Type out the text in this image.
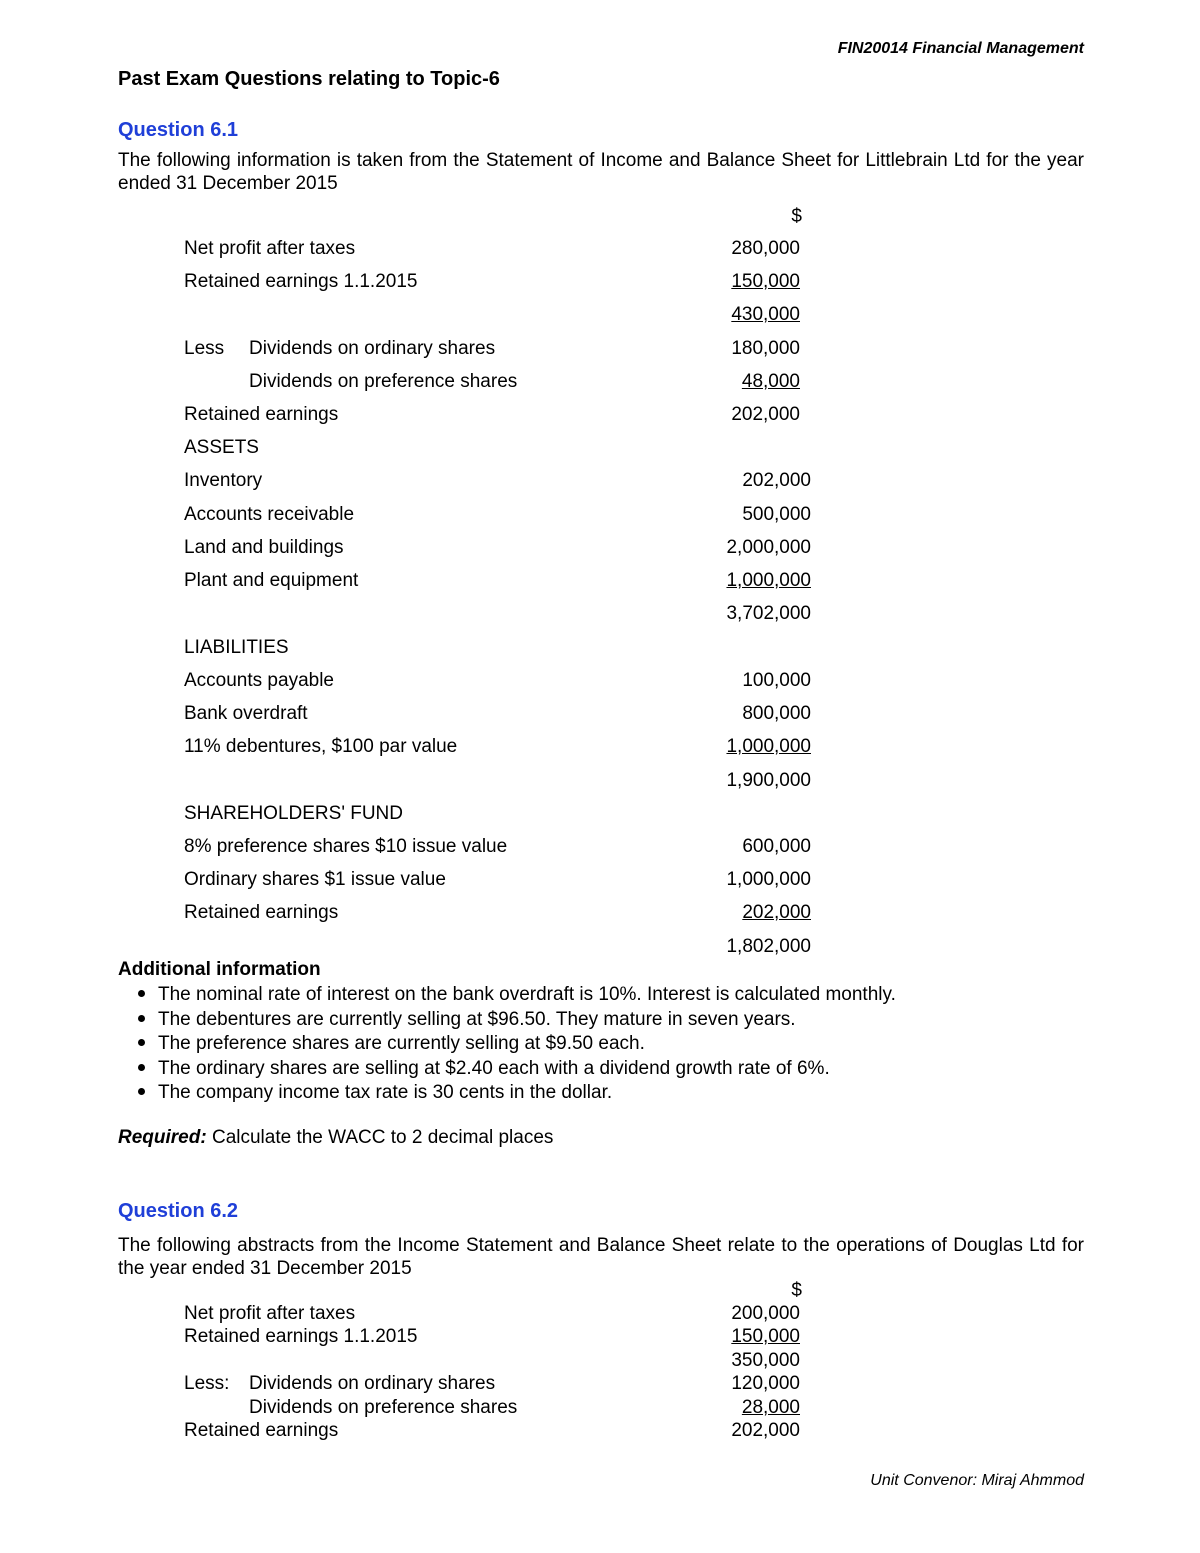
FIN20014 Financial Management
Past Exam Questions relating to Topic-6
Question 6.1
The following information is taken from the Statement of Income and Balance Sheet for Littlebrain Ltd for the year ended 31 December 2015
$
Net profit after taxes	280,000
Retained earnings 1.1.2015	150,000
430,000
Less Dividends on ordinary shares	180,000
Dividends on preference shares	48,000
Retained earnings	202,000
ASSETS
Inventory	202,000
Accounts receivable	500,000
Land and buildings	2,000,000
Plant and equipment	1,000,000
3,702,000
LIABILITIES
Accounts payable	100,000
Bank overdraft	800,000
11% debentures, $100 par value	1,000,000
1,900,000
SHAREHOLDERS' FUND
8% preference shares $10 issue value	600,000
Ordinary shares $1 issue value	1,000,000
Retained earnings	202,000
1,802,000
Additional information
The nominal rate of interest on the bank overdraft is 10%. Interest is calculated monthly.
The debentures are currently selling at $96.50. They mature in seven years.
The preference shares are currently selling at $9.50 each.
The ordinary shares are selling at $2.40 each with a dividend growth rate of 6%.
The company income tax rate is 30 cents in the dollar.
Required: Calculate the WACC to 2 decimal places
Question 6.2
The following abstracts from the Income Statement and Balance Sheet relate to the operations of Douglas Ltd for the year ended 31 December 2015
$
Net profit after taxes	200,000
Retained earnings 1.1.2015	150,000
350,000
Less: Dividends on ordinary shares	120,000
Dividends on preference shares	28,000
Retained earnings	202,000
Unit Convenor: Miraj Ahmmod
